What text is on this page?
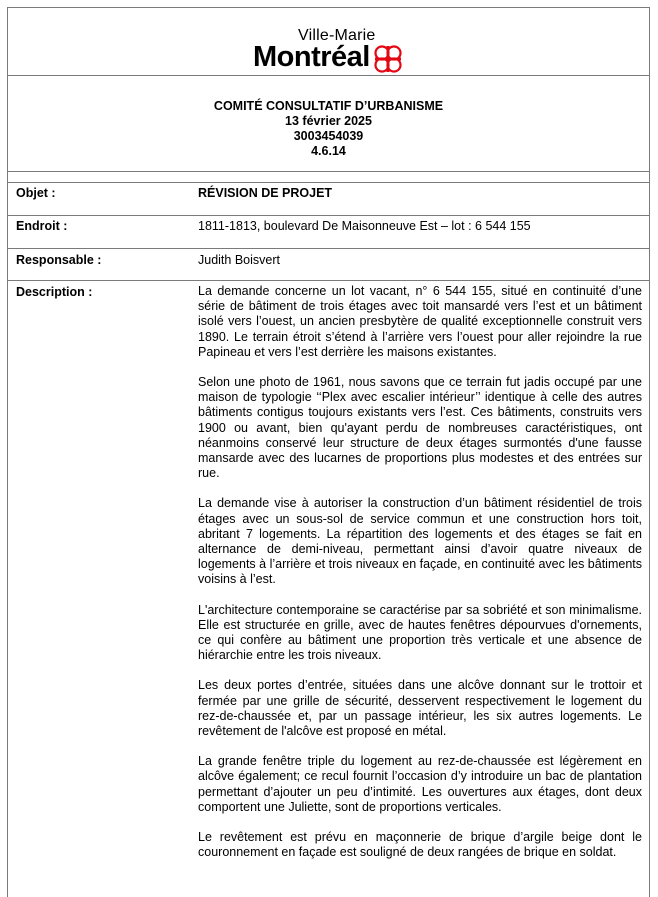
Ville-Marie
Montréal
COMITÉ CONSULTATIF D’URBANISME
13 février 2025
3003454039
4.6.14
Objet :	RÉVISION DE PROJET
Endroit :	1811-1813, boulevard De Maisonneuve Est – lot : 6 544 155
Responsable :	Judith Boisvert
Description :	La demande concerne un lot vacant, n° 6 544 155, situé en continuité d’une série de bâtiment de trois étages avec toit mansardé vers l’est et un bâtiment isolé vers l’ouest, un ancien presbytère de qualité exceptionnelle construit vers 1890. Le terrain étroit s’étend à l’arrière vers l’ouest pour aller rejoindre la rue Papineau et vers l’est derrière les maisons existantes.

Selon une photo de 1961, nous savons que ce terrain fut jadis occupé par une maison de typologie ‘‘Plex avec escalier intérieur’’ identique à celle des autres bâtiments contigus toujours existants vers l’est. Ces bâtiments, construits vers 1900 ou avant, bien qu'ayant perdu de nombreuses caractéristiques, ont néanmoins conservé leur structure de deux étages surmontés d'une fausse mansarde avec des lucarnes de proportions plus modestes et des entrées sur rue.

La demande vise à autoriser la construction d’un bâtiment résidentiel de trois étages avec un sous-sol de service commun et une construction hors toit, abritant 7 logements. La répartition des logements et des étages se fait en alternance de demi-niveau, permettant ainsi d’avoir quatre niveaux de logements à l’arrière et trois niveaux en façade, en continuité avec les bâtiments voisins à l’est.

L'architecture contemporaine se caractérise par sa sobriété et son minimalisme. Elle est structurée en grille, avec de hautes fenêtres dépourvues d'ornements, ce qui confère au bâtiment une proportion très verticale et une absence de hiérarchie entre les trois niveaux.

Les deux portes d’entrée, situées dans une alcôve donnant sur le trottoir et fermée par une grille de sécurité, desservent respectivement le logement du rez-de-chaussée et, par un passage intérieur, les six autres logements. Le revêtement de l'alcôve est proposé en métal.

La grande fenêtre triple du logement au rez-de-chaussée est légèrement en alcôve également; ce recul fournit l’occasion d’y introduire un bac de plantation permettant d’ajouter un peu d’intimité. Les ouvertures aux étages, dont deux comportent une Juliette, sont de proportions verticales.

Le revêtement est prévu en maçonnerie de brique d’argile beige dont le couronnement en façade est souligné de deux rangées de brique en soldat.
